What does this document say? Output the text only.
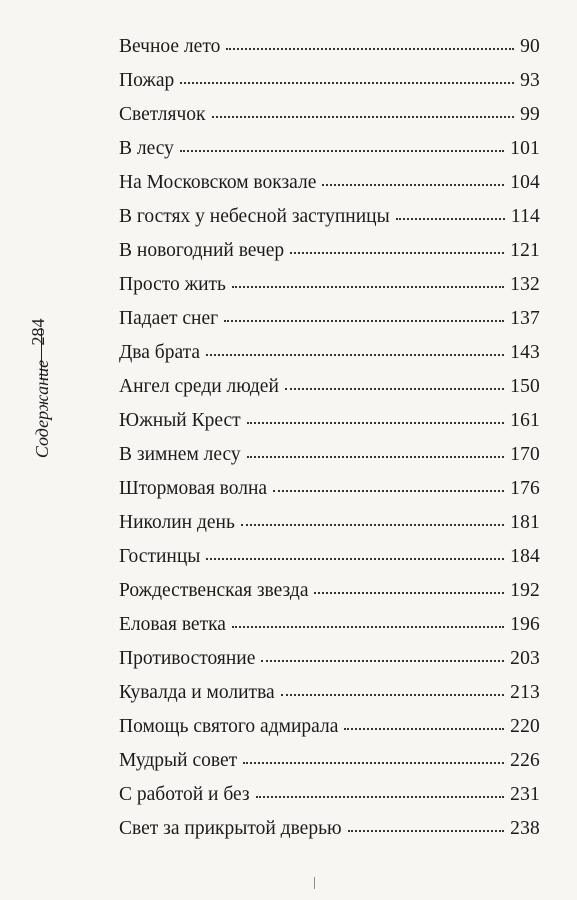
284
Содержание
Вечное лето	90
Пожар	93
Светлячок	99
В лесу	101
На Московском вокзале	104
В гостях у небесной заступницы	114
В новогодний вечер	121
Просто жить	132
Падает снег	137
Два брата	143
Ангел среди людей	150
Южный Крест	161
В зимнем лесу	170
Штормовая волна	176
Николин день	181
Гостинцы	184
Рождественская звезда	192
Еловая ветка	196
Противостояние	203
Кувалда и молитва	213
Помощь святого адмирала	220
Мудрый совет	226
С работой и без	231
Свет за прикрытой дверью	238
